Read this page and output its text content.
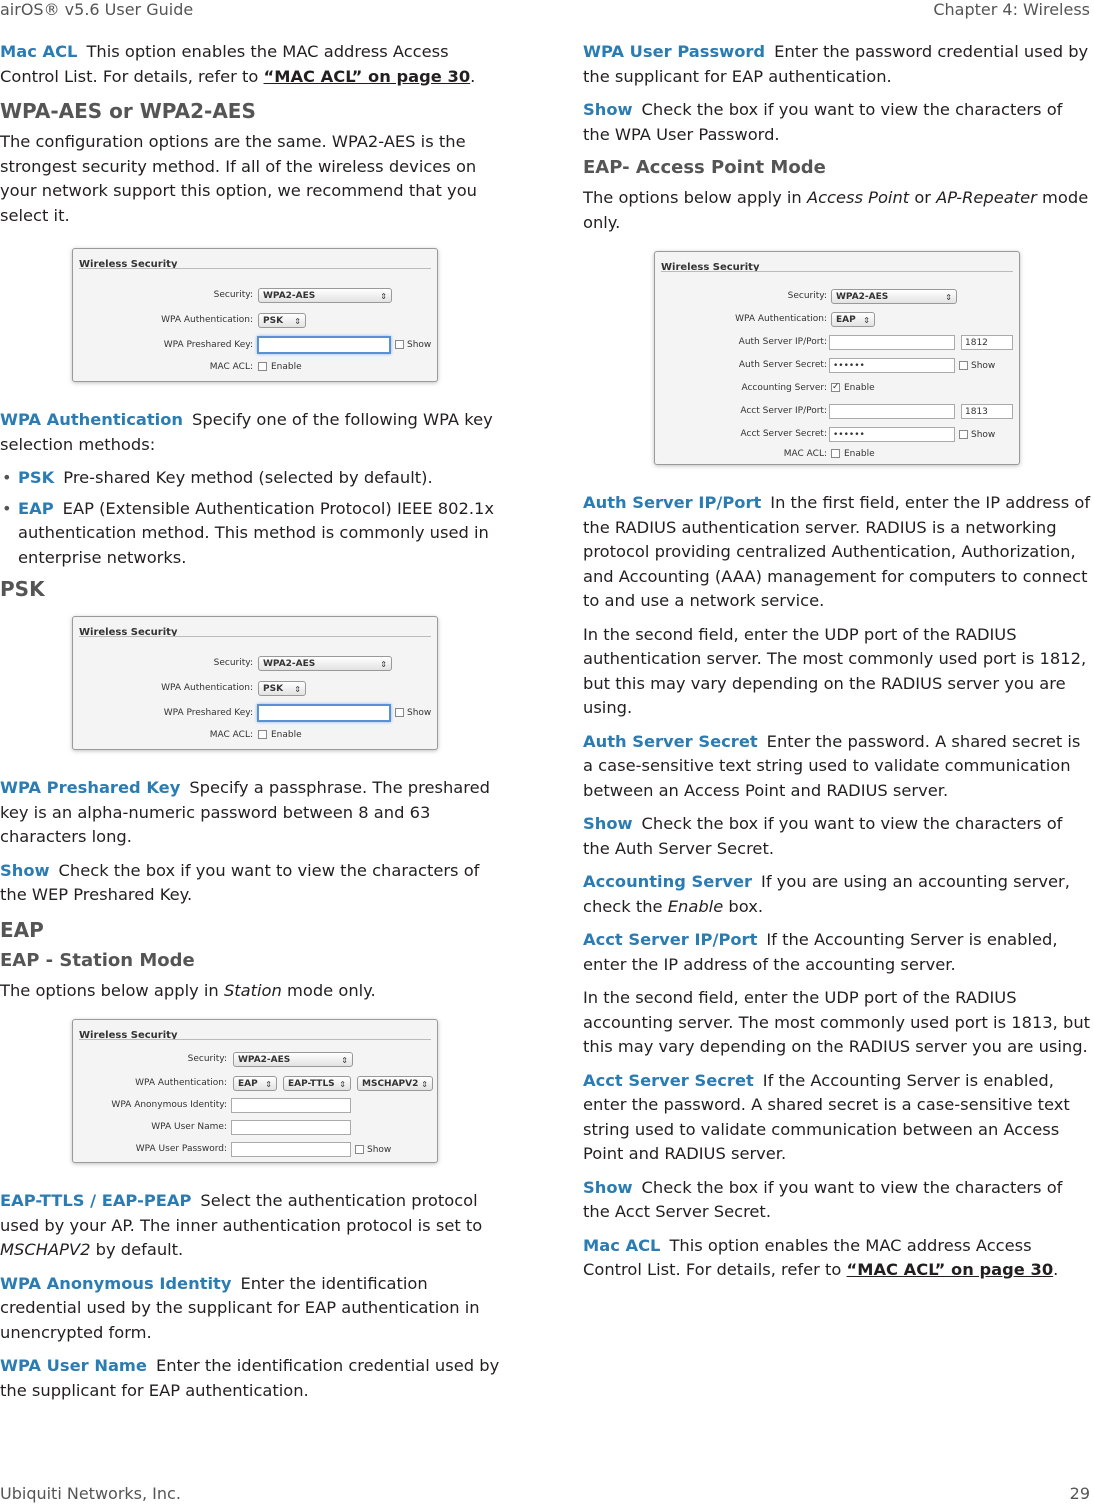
airOS® v5.6 User Guide	Chapter 4: Wireless

Mac ACL This option enables the MAC address Access Control List. For details, refer to “MAC ACL” on page 30.

WPA-AES or WPA2-AES

The configuration options are the same. WPA2-AES is the strongest security method. If all of the wireless devices on your network support this option, we recommend that you select it.

Wireless Security
Security:	WPA2-AES	⇕
WPA Authentication:	PSK ⇕
WPA Preshared Key:	Show
MAC ACL: Enable

WPA Authentication Specify one of the following WPA key selection methods:

• PSK Pre-shared Key method (selected by default).
• EAP EAP (Extensible Authentication Protocol) IEEE 802.1x authentication method. This method is commonly used in enterprise networks.
PSK
Wireless Security
Security:	WPA2-AES	⇕
WPA Authentication:	PSK ⇕
WPA Preshared Key:	Show
MAC ACL: Enable

WPA Preshared Key Specify a passphrase. The preshared key is an alpha-numeric password between 8 and 63 characters long.

Show Check the box if you want to view the characters of the WEP Preshared Key.

EAP
EAP - Station Mode

The options below apply in Station mode only.

Wireless Security
Security:	WPA2-AES	⇕
WPA Authentication:	EAP ⇕	EAP-TTLS ⇕	MSCHAPV2 ⇕
WPA Anonymous Identity:
WPA User Name:
WPA User Password:	Show

EAP-TTLS / EAP-PEAP Select the authentication protocol used by your AP. The inner authentication protocol is set to MSCHAPV2 by default.

WPA Anonymous Identity Enter the identification credential used by the supplicant for EAP authentication in unencrypted form.

WPA User Name Enter the identification credential used by the supplicant for EAP authentication.

WPA User Password Enter the password credential used by the supplicant for EAP authentication.

Show Check the box if you want to view the characters of the WPA User Password.

EAP- Access Point Mode

The options below apply in Access Point or AP-Repeater mode only.

Wireless Security
Security:	WPA2-AES	⇕
WPA Authentication:	EAP ⇕
Auth Server IP/Port:	1812
Auth Server Secret: ••••••	Show
Accounting Server: ✓ Enable
Acct Server IP/Port:	1813
Acct Server Secret: ••••••	Show
MAC ACL: Enable

Auth Server IP/Port In the first field, enter the IP address of the RADIUS authentication server. RADIUS is a networking protocol providing centralized Authentication, Authorization, and Accounting (AAA) management for computers to connect to and use a network service.

In the second field, enter the UDP port of the RADIUS authentication server. The most commonly used port is 1812, but this may vary depending on the RADIUS server you are using.

Auth Server Secret Enter the password. A shared secret is a case-sensitive text string used to validate communication between an Access Point and RADIUS server.

Show Check the box if you want to view the characters of the Auth Server Secret.

Accounting Server If you are using an accounting server, check the Enable box.

Acct Server IP/Port If the Accounting Server is enabled, enter the IP address of the accounting server.

In the second field, enter the UDP port of the RADIUS accounting server. The most commonly used port is 1813, but this may vary depending on the RADIUS server you are using.

Acct Server Secret If the Accounting Server is enabled, enter the password. A shared secret is a case-sensitive text string used to validate communication between an Access Point and RADIUS server.

Show Check the box if you want to view the characters of the Acct Server Secret.

Mac ACL This option enables the MAC address Access Control List. For details, refer to “MAC ACL” on page 30.

Ubiquiti Networks, Inc.	29
